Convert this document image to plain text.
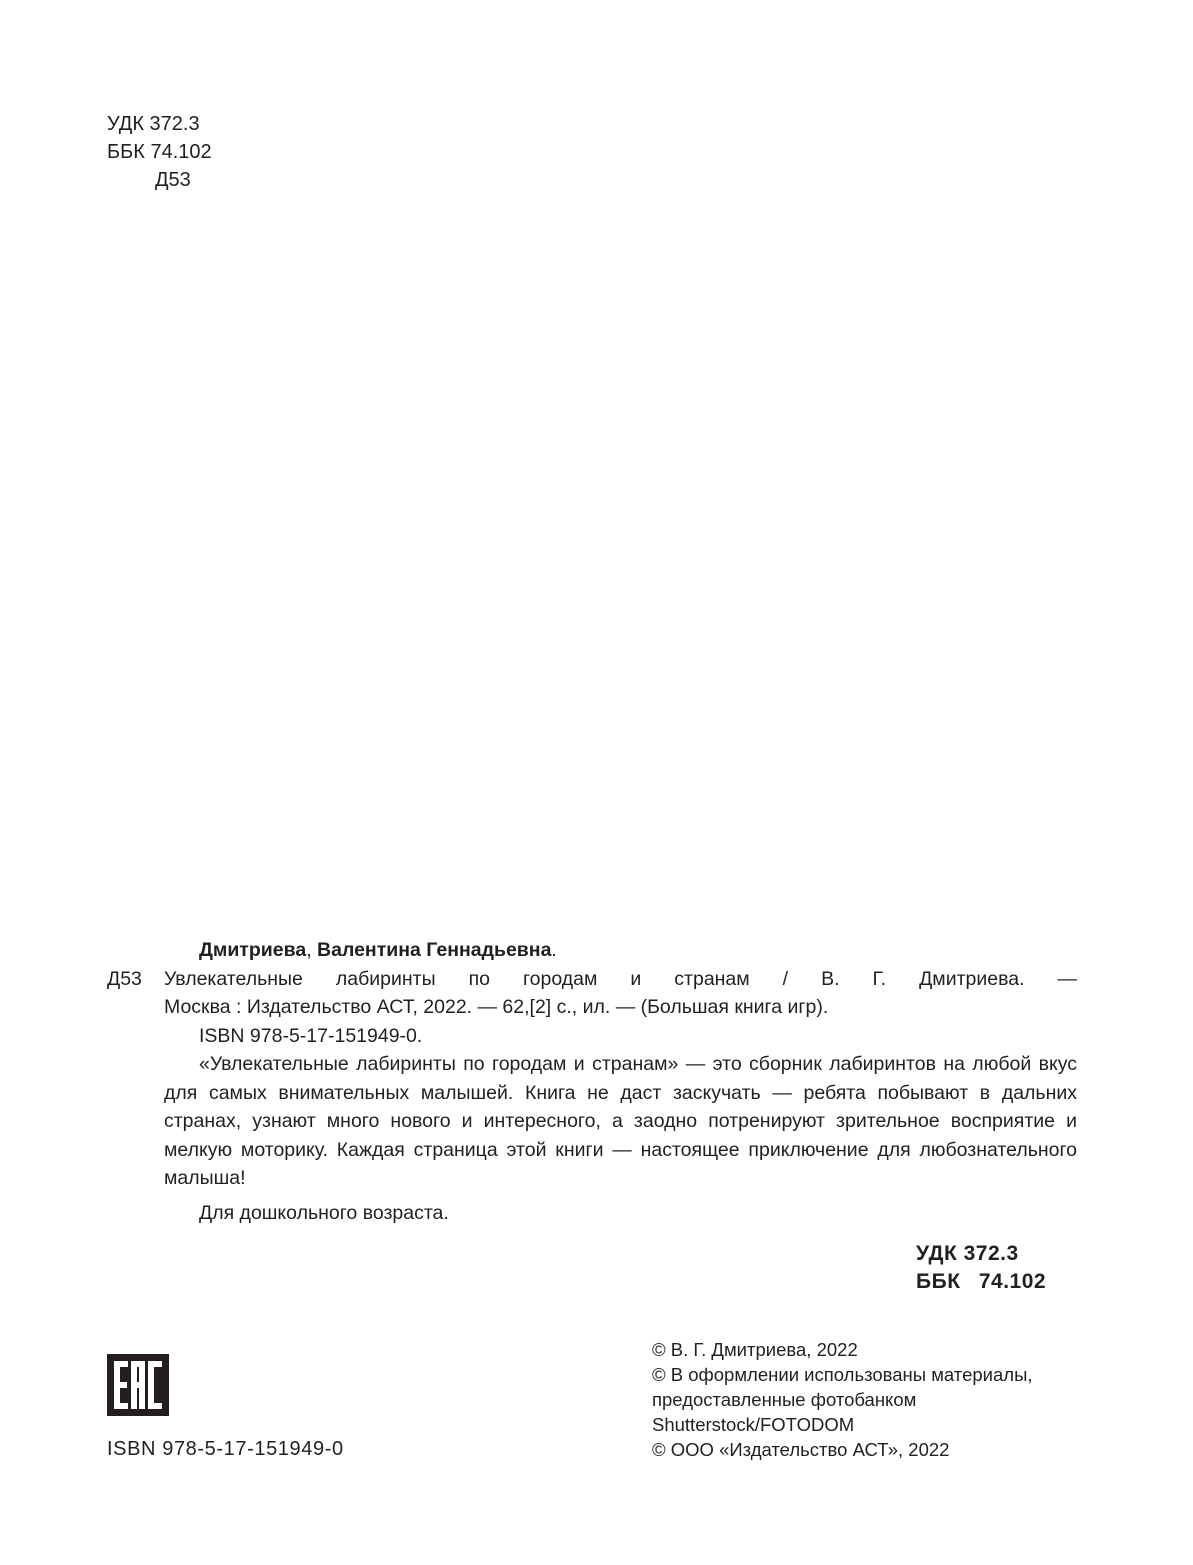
УДК 372.3
ББК 74.102
Д53
Дмитриева, Валентина Геннадьевна.
Д53	Увлекательные лабиринты по городам и странам / В. Г. Дмитриева. —
Москва : Издательство АСТ, 2022. — 62,[2] с., ил. — (Большая книга игр).
ISBN 978-5-17-151949-0.

«Увлекательные лабиринты по городам и странам» — это сборник лабиринтов на любой вкус для самых внимательных малышей. Книга не даст заскучать — ребята побывают в дальних странах, узнают много нового и интересного, а заодно потренируют зрительное восприятие и мелкую моторику. Каждая страница этой книги — настоящее приключение для любознательного малыша!

Для дошкольного возраста.
УДК 372.3
ББК 74.102
ISBN 978-5-17-151949-0
© В. Г. Дмитриева, 2022
© В оформлении использованы материалы,
предоставленные фотобанком
Shutterstock/FOTODOM
© ООО «Издательство АСТ», 2022
